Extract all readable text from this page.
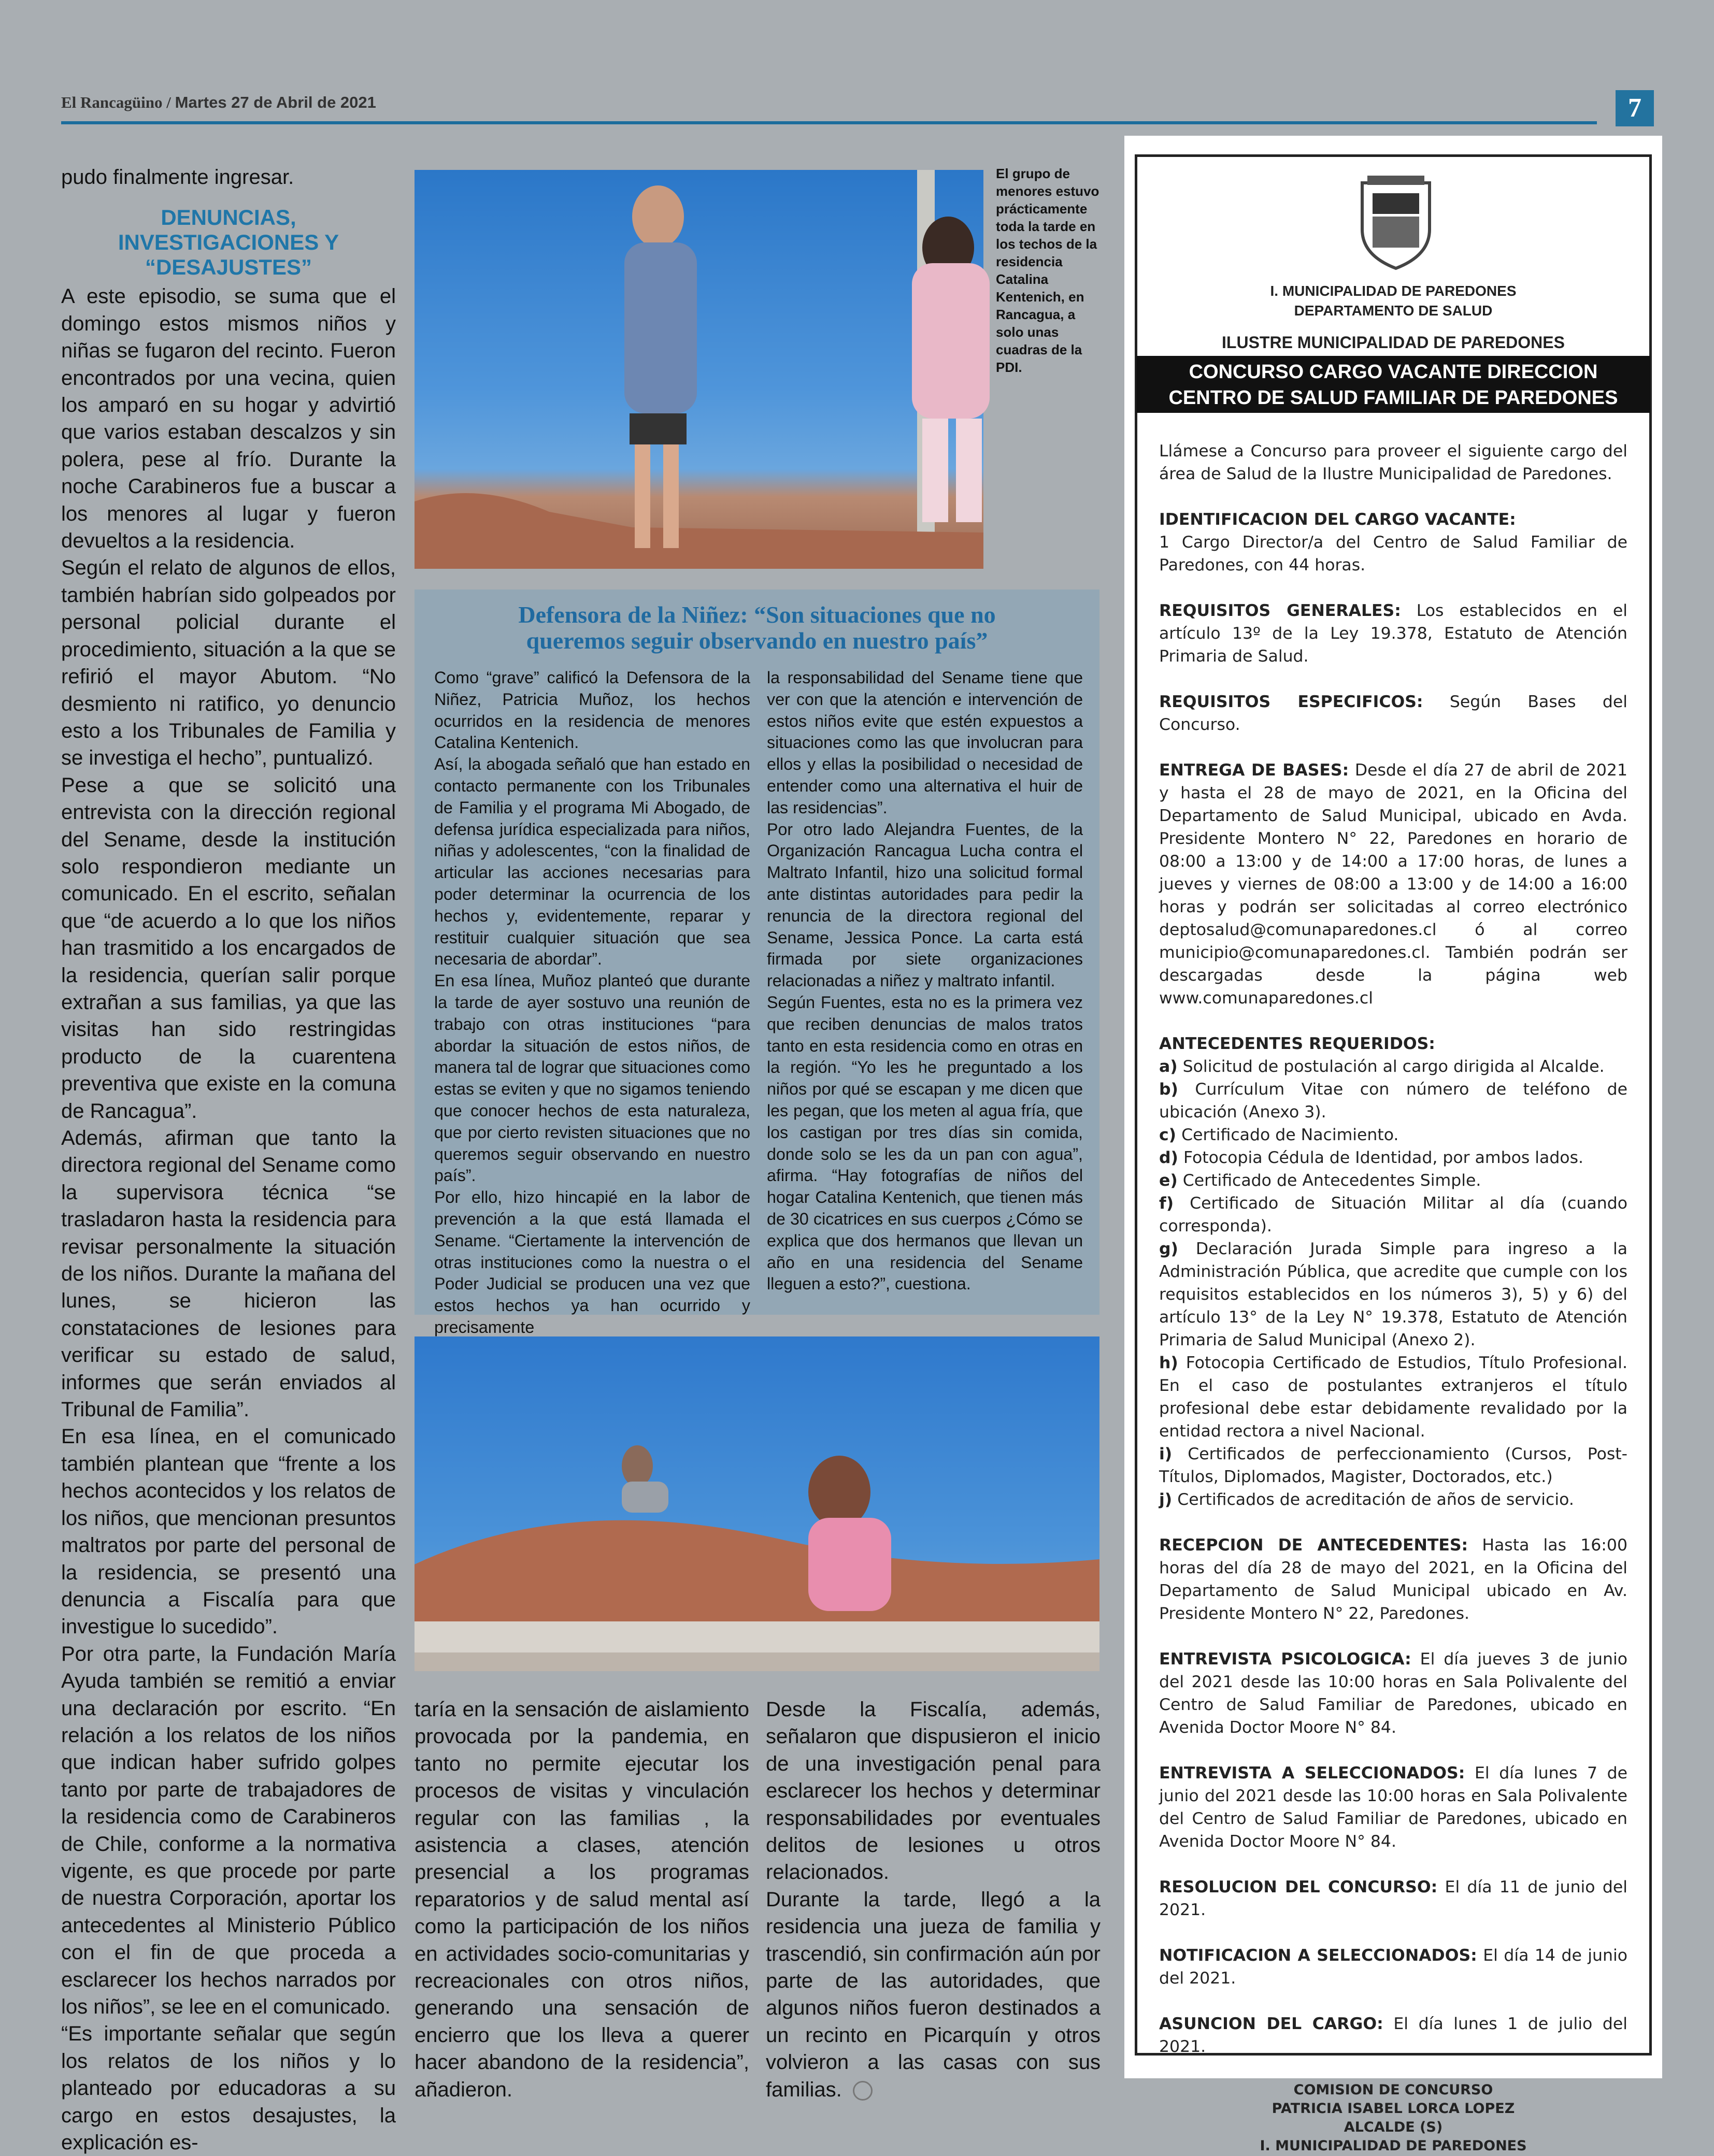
El Rancagüino / Martes 27 de Abril de 2021	7

pudo finalmente ingresar.

DENUNCIAS, INVESTIGACIONES Y “DESAJUSTES”

A este episodio, se suma que el domingo estos mismos niños y niñas se fugaron del recinto. Fueron encontrados por una vecina, quien los amparó en su hogar y advirtió que varios estaban descalzos y sin polera, pese al frío. Durante la noche Carabineros fue a buscar a los menores al lugar y fueron devueltos a la residencia.

Según el relato de algunos de ellos, también habrían sido golpeados por personal policial durante el procedimiento, situación a la que se refirió el mayor Abutom. “No desmiento ni ratifico, yo denuncio esto a los Tribunales de Familia y se investiga el hecho”, puntualizó.

Pese a que se solicitó una entrevista con la dirección regional del Sename, desde la institución solo respondieron mediante un comunicado. En el escrito, señalan que “de acuerdo a lo que los niños han trasmitido a los encargados de la residencia, querían salir porque extrañan a sus familias, ya que las visitas han sido restringidas producto de la cuarentena preventiva que existe en la comuna de Rancagua”.

Además, afirman que tanto la directora regional del Sename como la supervisora técnica “se trasladaron hasta la residencia para revisar personalmente la situación de los niños. Durante la mañana del lunes, se hicieron las constataciones de lesiones para verificar su estado de salud, informes que serán enviados al Tribunal de Familia”.

En esa línea, en el comunicado también plantean que “frente a los hechos acontecidos y los relatos de los niños, que mencionan presuntos maltratos por parte del personal de la residencia, se presentó una denuncia a Fiscalía para que investigue lo sucedido”.

Por otra parte, la Fundación María Ayuda también se remitió a enviar una declaración por escrito. “En relación a los relatos de los niños que indican haber sufrido golpes tanto por parte de trabajadores de la residencia como de Carabineros de Chile, conforme a la normativa vigente, es que procede por parte de nuestra Corporación, aportar los antecedentes al Ministerio Público con el fin de que proceda a esclarecer los hechos narrados por los niños”, se lee en el comunicado.

“Es importante señalar que según los relatos de los niños y lo planteado por educadoras a su cargo en estos desajustes, la explicación es-

El grupo de menores estuvo prácticamente toda la tarde en los techos de la residencia Catalina Kentenich, en Rancagua, a solo unas cuadras de la PDI.
Defensora de la Niñez: “Son situaciones que no queremos seguir observando en nuestro país”

Como “grave” calificó la Defensora de la Niñez, Patricia Muñoz, los hechos ocurridos en la residencia de menores Catalina Kentenich.

Así, la abogada señaló que han estado en contacto permanente con los Tribunales de Familia y el programa Mi Abogado, de defensa jurídica especializada para niños, niñas y adolescentes, “con la finalidad de articular las acciones necesarias para poder determinar la ocurrencia de los hechos y, evidentemente, reparar y restituir cualquier situación que sea necesaria de abordar”.

En esa línea, Muñoz planteó que durante la tarde de ayer sostuvo una reunión de trabajo con otras instituciones “para abordar la situación de estos niños, de manera tal de lograr que situaciones como estas se eviten y que no sigamos teniendo que conocer hechos de esta naturaleza, que por cierto revisten situaciones que no queremos seguir observando en nuestro país”.

Por ello, hizo hincapié en la labor de prevención a la que está llamada el Sename. “Ciertamente la intervención de otras instituciones como la nuestra o el Poder Judicial se producen una vez que estos hechos ya han ocurrido y precisamente

la responsabilidad del Sename tiene que ver con que la atención e intervención de estos niños evite que estén expuestos a situaciones como las que involucran para ellos y ellas la posibilidad o necesidad de entender como una alternativa el huir de las residencias”.

Por otro lado Alejandra Fuentes, de la Organización Rancagua Lucha contra el Maltrato Infantil, hizo una solicitud formal ante distintas autoridades para pedir la renuncia de la directora regional del Sename, Jessica Ponce. La carta está firmada por siete organizaciones relacionadas a niñez y maltrato infantil.

Según Fuentes, esta no es la primera vez que reciben denuncias de malos tratos tanto en esta residencia como en otras en la región. “Yo les he preguntado a los niños por qué se escapan y me dicen que les pegan, que los meten al agua fría, que los castigan por tres días sin comida, donde solo se les da un pan con agua”, afirma. “Hay fotografías de niños del hogar Catalina Kentenich, que tienen más de 30 cicatrices en sus cuerpos ¿Cómo se explica que dos hermanos que llevan un año en una residencia del Sename lleguen a esto?”, cuestiona.

taría en la sensación de aislamiento provocada por la pandemia, en tanto no permite ejecutar los procesos de visitas y vinculación regular con las familias , la asistencia a clases, atención presencial a los programas reparatorios y de salud mental así como la participación de los niños en actividades socio-comunitarias y recreacionales con otros niños, generando una sensación de encierro que los lleva a querer hacer abandono de la residencia”, añadieron.

Desde la Fiscalía, además, señalaron que dispusieron el inicio de una investigación penal para esclarecer los hechos y determinar responsabilidades por eventuales delitos de lesiones u otros relacionados.

Durante la tarde, llegó a la residencia una jueza de familia y trascendió, sin confirmación aún por parte de las autoridades, que algunos niños fueron destinados a un recinto en Picarquín y otros volvieron a las casas con sus familias.

I. MUNICIPALIDAD DE PAREDONES
DEPARTAMENTO DE SALUD
ILUSTRE MUNICIPALIDAD DE PAREDONES
CONCURSO CARGO VACANTE DIRECCION
CENTRO DE SALUD FAMILIAR DE PAREDONES

Llámese a Concurso para proveer el siguiente cargo del área de Salud de la Ilustre Municipalidad de Paredones.

IDENTIFICACION DEL CARGO VACANTE:
1 Cargo Director/a del Centro de Salud Familiar de Paredones, con 44 horas.

REQUISITOS GENERALES: Los establecidos en el artículo 13º de la Ley 19.378, Estatuto de Atención Primaria de Salud.

REQUISITOS ESPECIFICOS: Según Bases del Concurso.

ENTREGA DE BASES: Desde el día 27 de abril de 2021 y hasta el 28 de mayo de 2021, en la Oficina del Departamento de Salud Municipal, ubicado en Avda. Presidente Montero N° 22, Paredones en horario de 08:00 a 13:00 y de 14:00 a 17:00 horas, de lunes a jueves y viernes de 08:00 a 13:00 y de 14:00 a 16:00 horas y podrán ser solicitadas al correo electrónico deptosalud@comunaparedones.cl ó al correo municipio@comunaparedones.cl. También podrán ser descargadas desde la página web www.comunaparedones.cl

ANTECEDENTES REQUERIDOS:

a) Solicitud de postulación al cargo dirigida al Alcalde.

b) Currículum Vitae con número de teléfono de ubicación (Anexo 3).

c) Certificado de Nacimiento.

d) Fotocopia Cédula de Identidad, por ambos lados.

e) Certificado de Antecedentes Simple.

f) Certificado de Situación Militar al día (cuando corresponda).

g) Declaración Jurada Simple para ingreso a la Administración Pública, que acredite que cumple con los requisitos establecidos en los números 3), 5) y 6) del artículo 13° de la Ley N° 19.378, Estatuto de Atención Primaria de Salud Municipal (Anexo 2).

h) Fotocopia Certificado de Estudios, Título Profesional. En el caso de postulantes extranjeros el título profesional debe estar debidamente revalidado por la entidad rectora a nivel Nacional.

i) Certificados de perfeccionamiento (Cursos, Post-Títulos, Diplomados, Magister, Doctorados, etc.)

j) Certificados de acreditación de años de servicio.

RECEPCION DE ANTECEDENTES: Hasta las 16:00 horas del día 28 de mayo del 2021, en la Oficina del Departamento de Salud Municipal ubicado en Av. Presidente Montero N° 22, Paredones.

ENTREVISTA PSICOLOGICA: El día jueves 3 de junio del 2021 desde las 10:00 horas en Sala Polivalente del Centro de Salud Familiar de Paredones, ubicado en Avenida Doctor Moore N° 84.

ENTREVISTA A SELECCIONADOS: El día lunes 7 de junio del 2021 desde las 10:00 horas en Sala Polivalente del Centro de Salud Familiar de Paredones, ubicado en Avenida Doctor Moore N° 84.

RESOLUCION DEL CONCURSO: El día 11 de junio del 2021.

NOTIFICACION A SELECCIONADOS: El día 14 de junio del 2021.

ASUNCION DEL CARGO: El día lunes 1 de julio del 2021.

COMISION DE CONCURSO
PATRICIA ISABEL LORCA LOPEZ
ALCALDE (S)
I. MUNICIPALIDAD DE PAREDONES
